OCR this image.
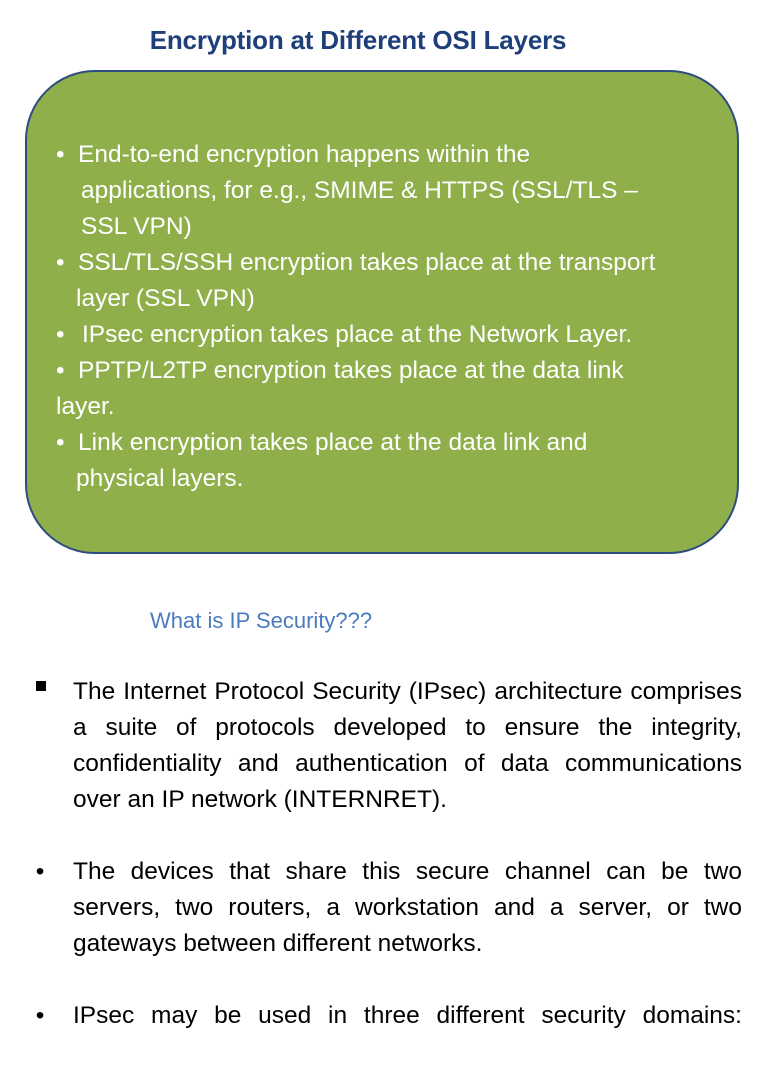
Encryption at Different OSI Layers
• End-to-end encryption happens within the
applications, for e.g., SMIME & HTTPS (SSL/TLS –
SSL VPN)
• SSL/TLS/SSH encryption takes place at the transport
layer (SSL VPN)
• IPsec encryption takes place at the Network Layer.
• PPTP/L2TP encryption takes place at the data link
layer.
• Link encryption takes place at the data link and
physical layers.
What is IP Security???
The Internet Protocol Security (IPsec) architecture comprises a suite of protocols developed to ensure the integrity, confidentiality and authentication of data communications over an IP network (INTERNRET).
• The devices that share this secure channel can be two servers, two routers, a workstation and a server, or two gateways between different networks.
• IPsec may be used in three different security domains:
